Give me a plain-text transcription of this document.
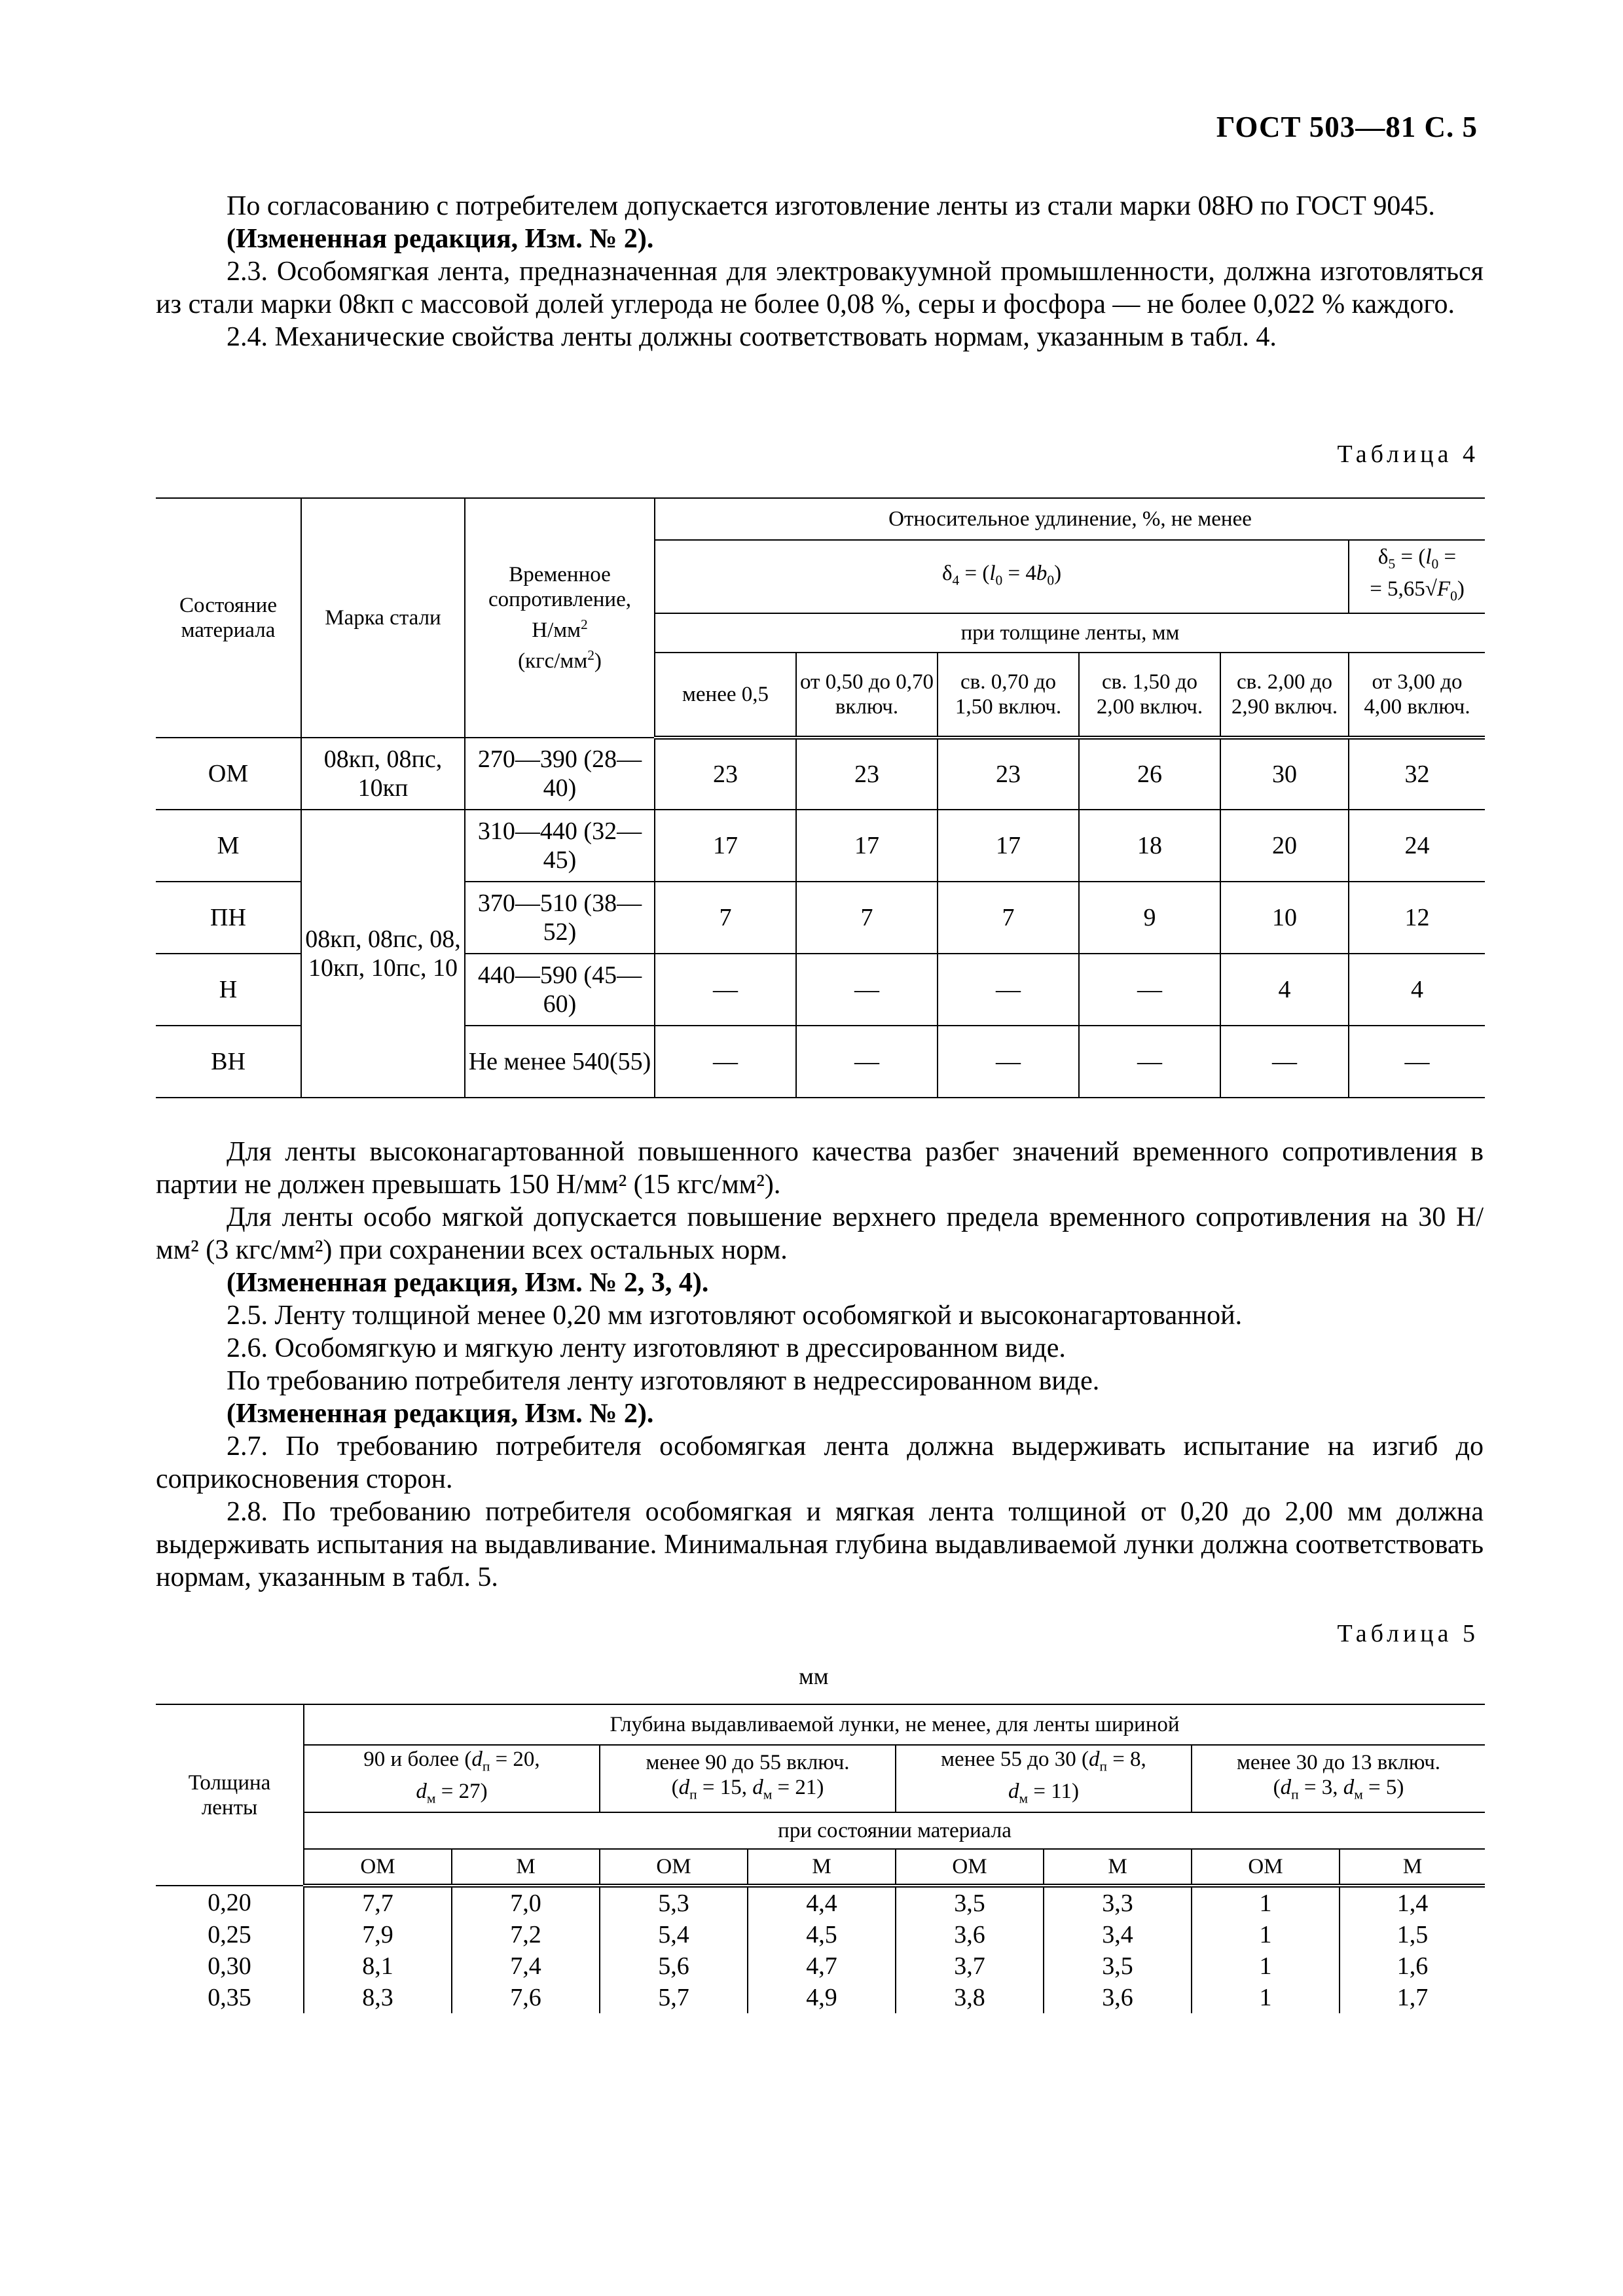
ГОСТ 503—81 С. 5

По согласованию с потребителем допускается изготовление ленты из стали марки 08Ю по ГОСТ 9045.

(Измененная редакция, Изм. № 2).

2.3. Особомягкая лента, предназначенная для электровакуумной промышленности, должна изготовляться из стали марки 08кп с массовой долей углерода не более 0,08 %, серы и фосфора — не более 0,022 % каждого.

2.4. Механические свойства ленты должны соответствовать нормам, указанным в табл. 4.

Таблица 4
Состояние материала	Марка стали	Временное сопротивление,
$Н/мм^2$
$(кгс/мм^2)$	Относительное удлинение, %, не менее					
			$\delta_4 = (l_0 = 4b_0)$					$\delta_5 = (l_0$ =
= $5,65√F_0$)
			при толщине ленты, мм					
			менее 0,5	от 0,50 до 0,70 включ.	св. 0,70 до 1,50 включ.	св. 1,50 до 2,00 включ.	св. 2,00 до 2,90 включ.	от 3,00 до 4,00 включ.
ОМ	08кп, 08пс, 10кп	270—390 (28—40)	23	23	23	26	30	32
М	08кп, 08пс, 08, 10кп, 10пс, 10	310—440 (32—45)	17	17	17	18	20	24
ПН		370—510 (38—52)	7	7	7	9	10	12
Н		440—590 (45—60)	—	—	—	—	4	4
ВН		Не менее 540(55)	—	—	—	—	—	—

Для ленты высоконагартованной повышенного качества разбег значений временного сопротивления в партии не должен превышать 150 Н/мм² (15 кгс/мм²).

Для ленты особо мягкой допускается повышение верхнего предела временного сопротивления на 30 Н/мм² (3 кгс/мм²) при сохранении всех остальных норм.

(Измененная редакция, Изм. № 2, 3, 4).

2.5. Ленту толщиной менее 0,20 мм изготовляют особомягкой и высоконагартованной.

2.6. Особомягкую и мягкую ленту изготовляют в дрессированном виде.

По требованию потребителя ленту изготовляют в недрессированном виде.

(Измененная редакция, Изм. № 2).

2.7. По требованию потребителя особомягкая лента должна выдерживать испытание на изгиб до соприкосновения сторон.

2.8. По требованию потребителя особомягкая и мягкая лента толщиной от 0,20 до 2,00 мм должна выдерживать испытания на выдавливание. Минимальная глубина выдавливаемой лунки должна соответствовать нормам, указанным в табл. 5.

Таблица 5
мм
Толщина ленты	Глубина выдавливаемой лунки, не менее, для ленты шириной							
	90 и более ($d_п = 20$,
$d_м = 27$)		менее 90 до 55 включ.
($d_п = 15$, $d_м = 21$)		менее 55 до 30 ($d_п = 8$,
$d_м = 11$)		менее 30 до 13 включ.
($d_п = 3$, $d_м = 5$)	
	при состоянии материала							
	ОМ	М	ОМ	М	ОМ	М	ОМ	М
0,20	7,7	7,0	5,3	4,4	3,5	3,3	1	1,4
0,25	7,9	7,2	5,4	4,5	3,6	3,4	1	1,5
0,30	8,1	7,4	5,6	4,7	3,7	3,5	1	1,6
0,35	8,3	7,6	5,7	4,9	3,8	3,6	1	1,7
